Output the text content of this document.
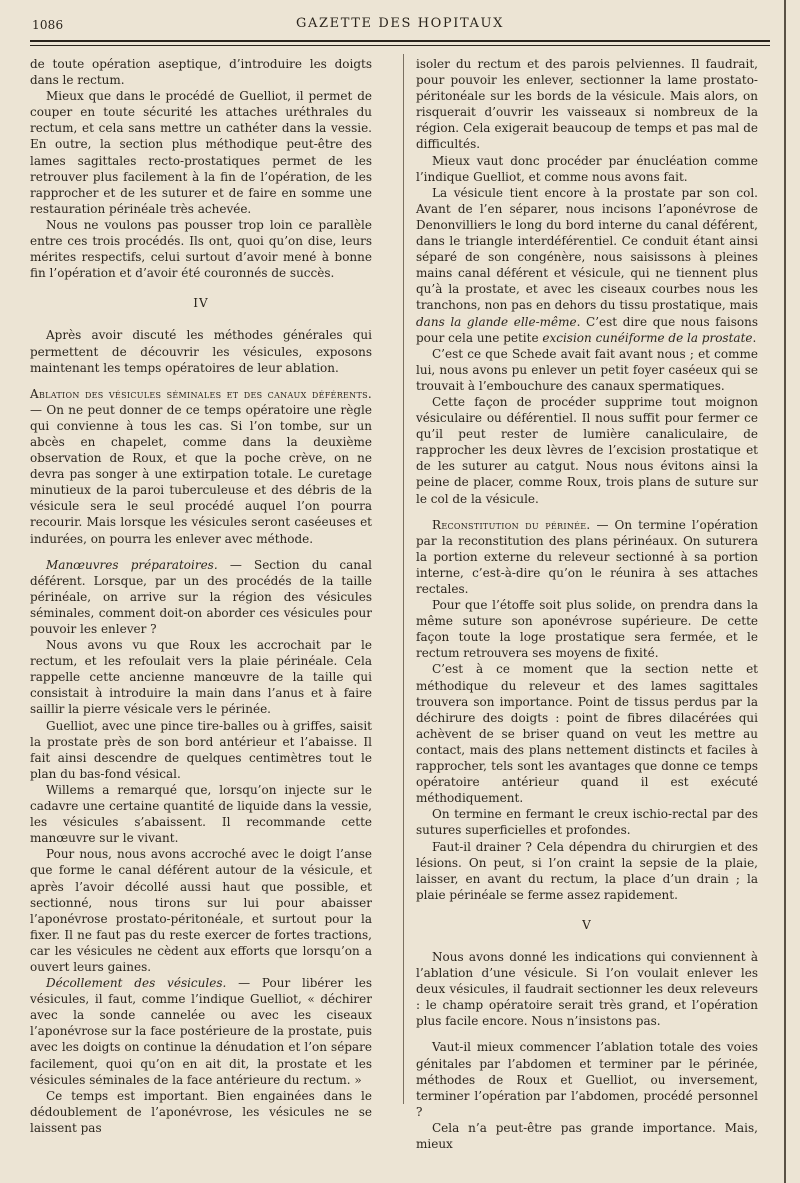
1086	GAZETTE DES HOPITAUX

de toute opération aseptique, d’introduire les doigts dans le rectum.

Mieux que dans le procédé de Guelliot, il permet de couper en toute sécurité les attaches uréthrales du rectum, et cela sans mettre un cathéter dans la vessie. En outre, la section plus méthodique peut-être des lames sagittales recto-prostatiques permet de les retrouver plus facilement à la fin de l’opération, de les rapprocher et de les suturer et de faire en somme une restauration périnéale très achevée.

Nous ne voulons pas pousser trop loin ce parallèle entre ces trois procédés. Ils ont, quoi qu’on dise, leurs mérites respectifs, celui surtout d’avoir mené à bonne fin l’opération et d’avoir été couronnés de succès.

IV

Après avoir discuté les méthodes générales qui permettent de découvrir les vésicules, exposons maintenant les temps opératoires de leur ablation.

Ablation des vésicules séminales et des canaux déférents. — On ne peut donner de ce temps opératoire une règle qui convienne à tous les cas. Si l’on tombe, sur un abcès en chapelet, comme dans la deuxième observation de Roux, et que la poche crève, on ne devra pas songer à une extirpation totale. Le curetage minutieux de la paroi tuberculeuse et des débris de la vésicule sera le seul procédé auquel l’on pourra recourir. Mais lorsque les vésicules seront caséeuses et indurées, on pourra les enlever avec méthode.

Manœuvres préparatoires. — Section du canal déférent. Lorsque, par un des procédés de la taille périnéale, on arrive sur la région des vésicules séminales, comment doit-on aborder ces vésicules pour pouvoir les enlever ?

Nous avons vu que Roux les accrochait par le rectum, et les refoulait vers la plaie périnéale. Cela rappelle cette ancienne manœuvre de la taille qui consistait à introduire la main dans l’anus et à faire saillir la pierre vésicale vers le périnée.

Guelliot, avec une pince tire-balles ou à griffes, saisit la prostate près de son bord antérieur et l’abaisse. Il fait ainsi descendre de quelques centimètres tout le plan du bas-fond vésical.

Willems a remarqué que, lorsqu’on injecte sur le cadavre une certaine quantité de liquide dans la vessie, les vésicules s’abaissent. Il recommande cette manœuvre sur le vivant.

Pour nous, nous avons accroché avec le doigt l’anse que forme le canal déférent autour de la vésicule, et après l’avoir décollé aussi haut que possible, et sectionné, nous tirons sur lui pour abaisser l’aponévrose prostato-péritonéale, et surtout pour la fixer. Il ne faut pas du reste exercer de fortes tractions, car les vésicules ne cèdent aux efforts que lorsqu’on a ouvert leurs gaines.

Décollement des vésicules. — Pour libérer les vésicules, il faut, comme l’indique Guelliot, « déchirer avec la sonde cannelée ou avec les ciseaux l’aponévrose sur la face postérieure de la prostate, puis avec les doigts on continue la dénudation et l’on sépare facilement, quoi qu’on en ait dit, la prostate et les vésicules séminales de la face antérieure du rectum. »

Ce temps est important. Bien engainées dans le dédoublement de l’aponévrose, les vésicules ne se laissent pas

isoler du rectum et des parois pelviennes. Il faudrait, pour pouvoir les enlever, sectionner la lame prostato-péritonéale sur les bords de la vésicule. Mais alors, on risquerait d’ouvrir les vaisseaux si nombreux de la région. Cela exigerait beaucoup de temps et pas mal de difficultés.

Mieux vaut donc procéder par énucléation comme l’indique Guelliot, et comme nous avons fait.

La vésicule tient encore à la prostate par son col. Avant de l’en séparer, nous incisons l’aponévrose de Denonvilliers le long du bord interne du canal déférent, dans le triangle interdéférentiel. Ce conduit étant ainsi séparé de son congénère, nous saisissons à pleines mains canal déférent et vésicule, qui ne tiennent plus qu’à la prostate, et avec les ciseaux courbes nous les tranchons, non pas en dehors du tissu prostatique, mais dans la glande elle-même. C’est dire que nous faisons pour cela une petite excision cunéiforme de la prostate.

C’est ce que Schede avait fait avant nous ; et comme lui, nous avons pu enlever un petit foyer caséeux qui se trouvait à l’embouchure des canaux spermatiques.

Cette façon de procéder supprime tout moignon vésiculaire ou déférentiel. Il nous suffit pour fermer ce qu’il peut rester de lumière canaliculaire, de rapprocher les deux lèvres de l’excision prostatique et de les suturer au catgut. Nous nous évitons ainsi la peine de placer, comme Roux, trois plans de suture sur le col de la vésicule.

Reconstitution du périnée. — On termine l’opération par la reconstitution des plans périnéaux. On suturera la portion externe du releveur sectionné à sa portion interne, c’est-à-dire qu’on le réunira à ses attaches rectales.

Pour que l’étoffe soit plus solide, on prendra dans la même suture son aponévrose supérieure. De cette façon toute la loge prostatique sera fermée, et le rectum retrouvera ses moyens de fixité.

C’est à ce moment que la section nette et méthodique du releveur et des lames sagittales trouvera son importance. Point de tissus perdus par la déchirure des doigts : point de fibres dilacérées qui achèvent de se briser quand on veut les mettre au contact, mais des plans nettement distincts et faciles à rapprocher, tels sont les avantages que donne ce temps opératoire antérieur quand il est exécuté méthodiquement.

On termine en fermant le creux ischio-rectal par des sutures superficielles et profondes.

Faut-il drainer ? Cela dépendra du chirurgien et des lésions. On peut, si l’on craint la sepsie de la plaie, laisser, en avant du rectum, la place d’un drain ; la plaie périnéale se ferme assez rapidement.

V

Nous avons donné les indications qui conviennent à l’ablation d’une vésicule. Si l’on voulait enlever les deux vésicules, il faudrait sectionner les deux releveurs : le champ opératoire serait très grand, et l’opération plus facile encore. Nous n’insistons pas.

Vaut-il mieux commencer l’ablation totale des voies génitales par l’abdomen et terminer par le périnée, méthodes de Roux et Guelliot, ou inversement, terminer l’opération par l’abdomen, procédé personnel ?

Cela n’a peut-être pas grande importance. Mais, mieux
